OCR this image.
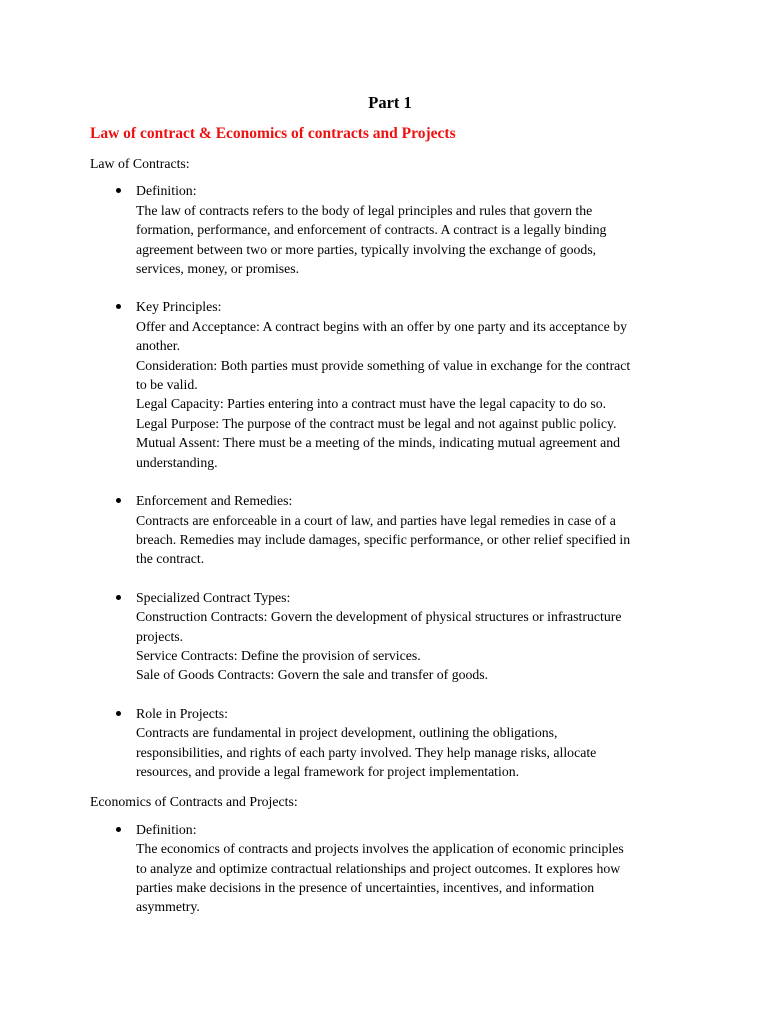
Part 1
Law of contract & Economics of contracts and Projects
Law of Contracts:
Definition:
The law of contracts refers to the body of legal principles and rules that govern the
formation, performance, and enforcement of contracts. A contract is a legally binding
agreement between two or more parties, typically involving the exchange of goods,
services, money, or promises.
Key Principles:
Offer and Acceptance: A contract begins with an offer by one party and its acceptance by
another.
Consideration: Both parties must provide something of value in exchange for the contract
to be valid.
Legal Capacity: Parties entering into a contract must have the legal capacity to do so.
Legal Purpose: The purpose of the contract must be legal and not against public policy.
Mutual Assent: There must be a meeting of the minds, indicating mutual agreement and
understanding.
Enforcement and Remedies:
Contracts are enforceable in a court of law, and parties have legal remedies in case of a
breach. Remedies may include damages, specific performance, or other relief specified in
the contract.
Specialized Contract Types:
Construction Contracts: Govern the development of physical structures or infrastructure
projects.
Service Contracts: Define the provision of services.
Sale of Goods Contracts: Govern the sale and transfer of goods.
Role in Projects:
Contracts are fundamental in project development, outlining the obligations,
responsibilities, and rights of each party involved. They help manage risks, allocate
resources, and provide a legal framework for project implementation.
Economics of Contracts and Projects:
Definition:
The economics of contracts and projects involves the application of economic principles
to analyze and optimize contractual relationships and project outcomes. It explores how
parties make decisions in the presence of uncertainties, incentives, and information
asymmetry.
